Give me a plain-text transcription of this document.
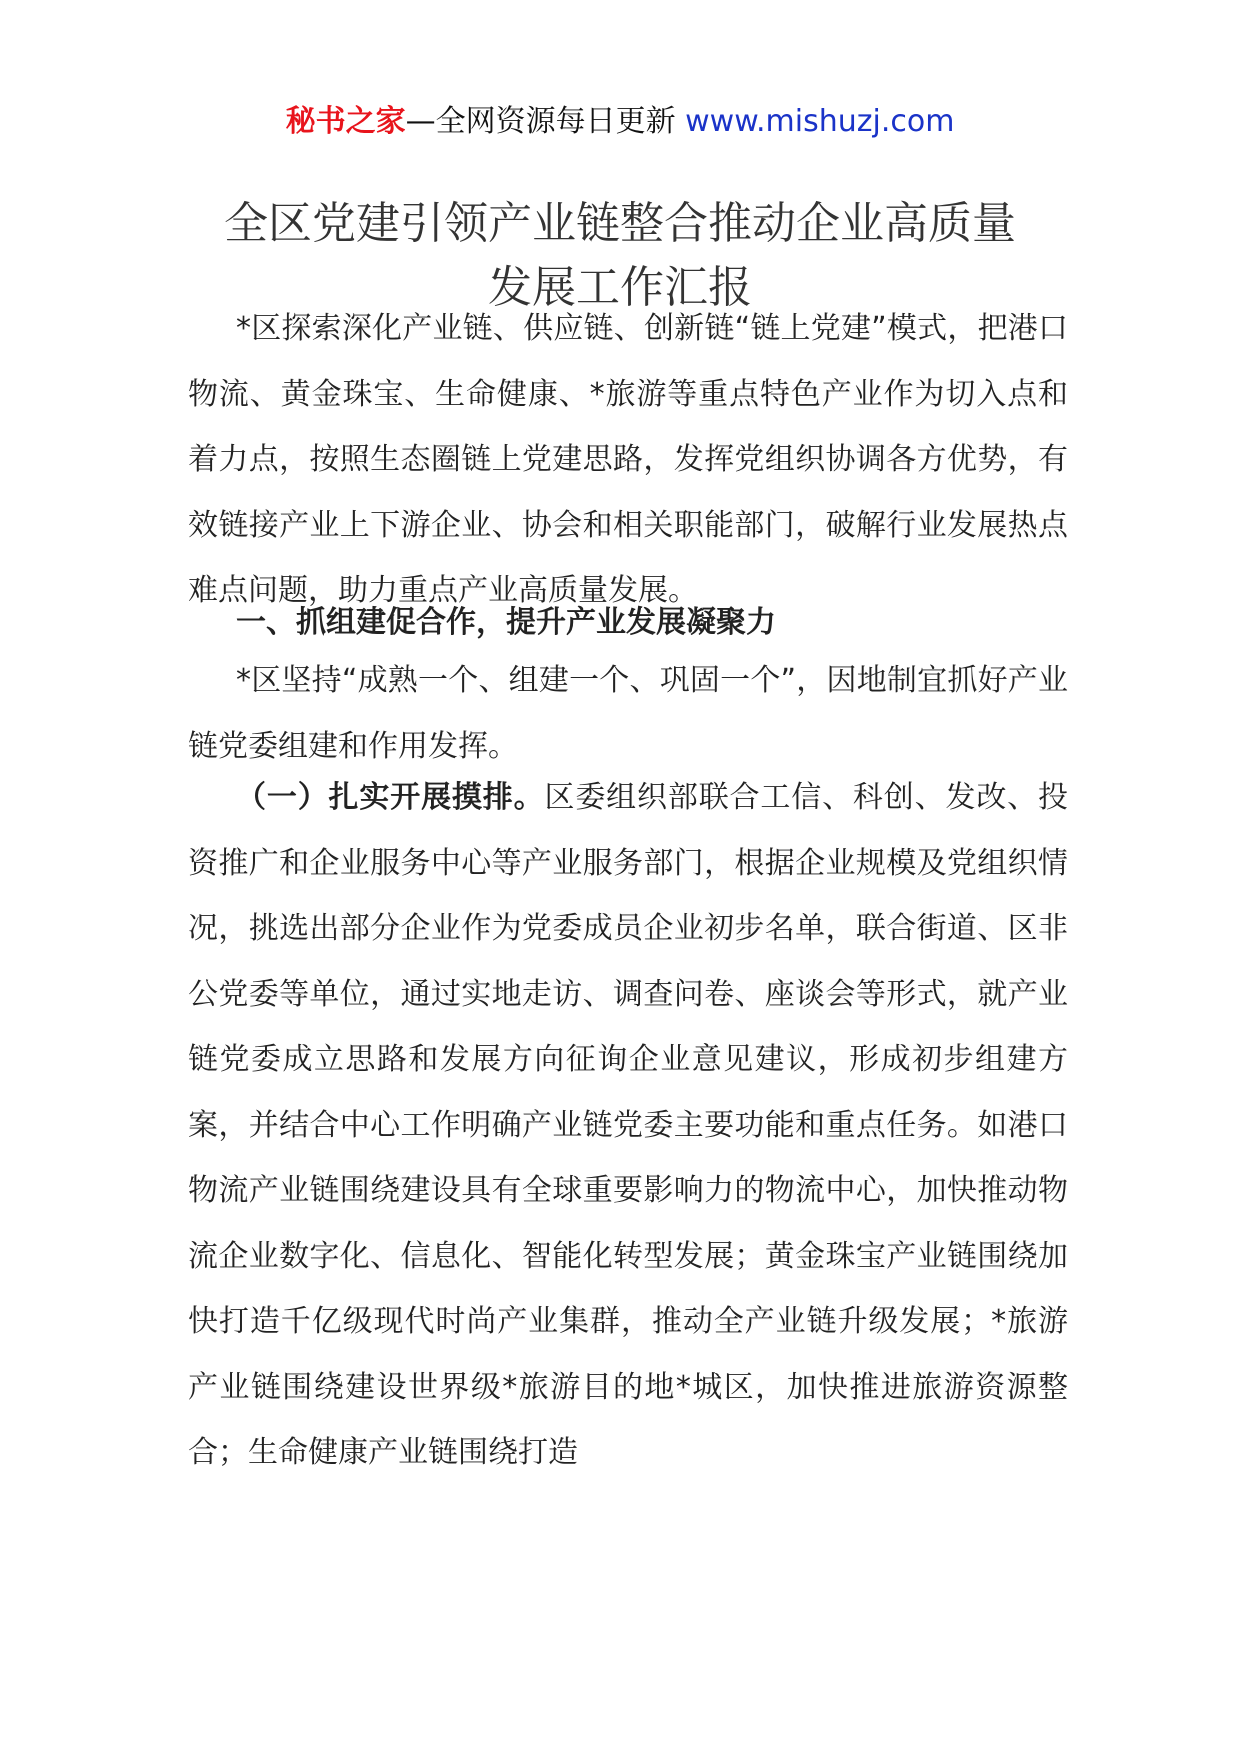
秘书之家—全网资源每日更新 www.mishuzj.com
全区党建引领产业链整合推动企业高质量
发展工作汇报

*区探索深化产业链、供应链、创新链“链上党建”模式，把港口物流、黄金珠宝、生命健康、*旅游等重点特色产业作为切入点和着力点，按照生态圈链上党建思路，发挥党组织协调各方优势，有效链接产业上下游企业、协会和相关职能部门，破解行业发展热点难点问题，助力重点产业高质量发展。

一、抓组建促合作，提升产业发展凝聚力

*区坚持“成熟一个、组建一个、巩固一个”，因地制宜抓好产业链党委组建和作用发挥。

（一）扎实开展摸排。区委组织部联合工信、科创、发改、投资推广和企业服务中心等产业服务部门，根据企业规模及党组织情况，挑选出部分企业作为党委成员企业初步名单，联合街道、区非公党委等单位，通过实地走访、调查问卷、座谈会等形式，就产业链党委成立思路和发展方向征询企业意见建议，形成初步组建方案，并结合中心工作明确产业链党委主要功能和重点任务。如港口物流产业链围绕建设具有全球重要影响力的物流中心，加快推动物流企业数字化、信息化、智能化转型发展；黄金珠宝产业链围绕加快打造千亿级现代时尚产业集群，推动全产业链升级发展；*旅游产业链围绕建设世界级*旅游目的地*城区，加快推进旅游资源整合；生命健康产业链围绕打造
